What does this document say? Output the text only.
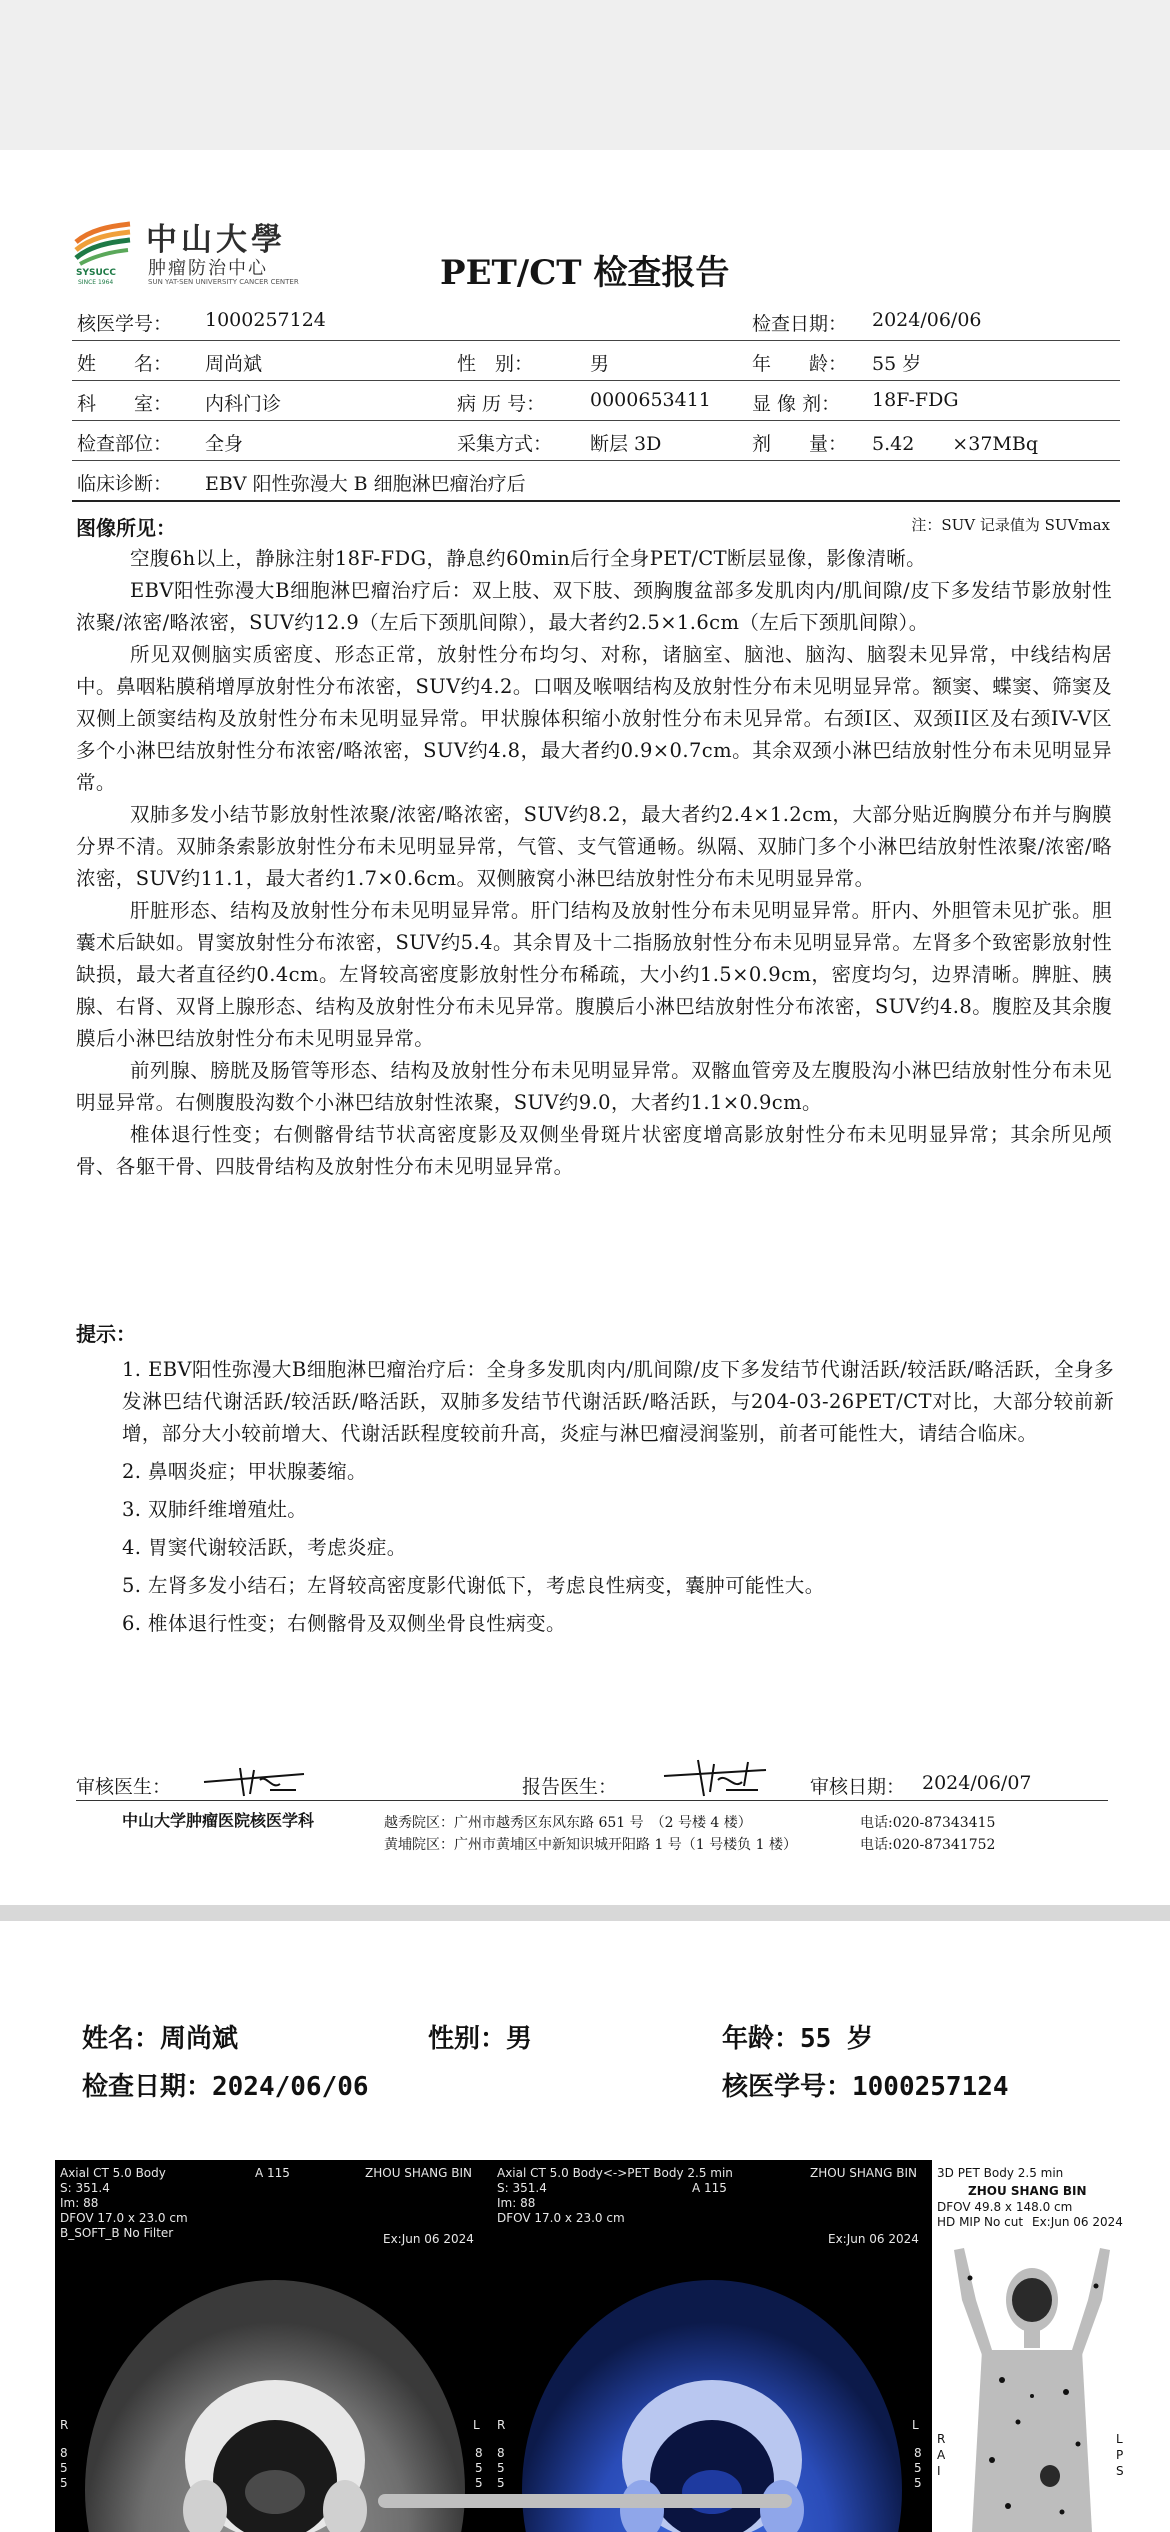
SYSUCC
SINCE 1964
中山大學
肿瘤防治中心
SUN YAT-SEN UNIVERSITY CANCER CENTER	PET/CT 检查报告
核医学号： 1000257124	检查日期： 2024/06/06
姓　　名： 周尚斌	性　别：	男	年　　龄： 55 岁
科　　室： 内科门诊	病 历 号： 0000653411 显 像 剂： 18F-FDG
检查部位： 全身	采集方式： 断层 3D	剂　　量： 5.42　　×37MBq
临床诊断： EBV 阳性弥漫大 B 细胞淋巴瘤治疗后
图像所见：	注：SUV 记录值为 SUVmax

空腹6h以上，静脉注射18F-FDG，静息约60min后行全身PET/CT断层显像，影像清晰。

EBV阳性弥漫大B细胞淋巴瘤治疗后：双上肢、双下肢、颈胸腹盆部多发肌肉内/肌间隙/皮下多发结节影放射性浓聚/浓密/略浓密，SUV约12.9（左后下颈肌间隙），最大者约2.5×1.6cm（左后下颈肌间隙）。

所见双侧脑实质密度、形态正常，放射性分布均匀、对称，诸脑室、脑池、脑沟、脑裂未见异常，中线结构居中。鼻咽粘膜稍增厚放射性分布浓密，SUV约4.2。口咽及喉咽结构及放射性分布未见明显异常。额窦、蝶窦、筛窦及双侧上颌窦结构及放射性分布未见明显异常。甲状腺体积缩小放射性分布未见异常。右颈I区、双颈II区及右颈IV-V区多个小淋巴结放射性分布浓密/略浓密，SUV约4.8，最大者约0.9×0.7cm。其余双颈小淋巴结放射性分布未见明显异常。

双肺多发小结节影放射性浓聚/浓密/略浓密，SUV约8.2，最大者约2.4×1.2cm，大部分贴近胸膜分布并与胸膜分界不清。双肺条索影放射性分布未见明显异常，气管、支气管通畅。纵隔、双肺门多个小淋巴结放射性浓聚/浓密/略浓密，SUV约11.1，最大者约1.7×0.6cm。双侧腋窝小淋巴结放射性分布未见明显异常。

肝脏形态、结构及放射性分布未见明显异常。肝门结构及放射性分布未见明显异常。肝内、外胆管未见扩张。胆囊术后缺如。胃窦放射性分布浓密，SUV约5.4。其余胃及十二指肠放射性分布未见明显异常。左肾多个致密影放射性缺损，最大者直径约0.4cm。左肾较高密度影放射性分布稀疏，大小约1.5×0.9cm，密度均匀，边界清晰。脾脏、胰腺、右肾、双肾上腺形态、结构及放射性分布未见异常。腹膜后小淋巴结放射性分布浓密，SUV约4.8。腹腔及其余腹膜后小淋巴结放射性分布未见明显异常。

前列腺、膀胱及肠管等形态、结构及放射性分布未见明显异常。双髂血管旁及左腹股沟小淋巴结放射性分布未见明显异常。右侧腹股沟数个小淋巴结放射性浓聚，SUV约9.0，大者约1.1×0.9cm。

椎体退行性变；右侧髂骨结节状高密度影及双侧坐骨斑片状密度增高影放射性分布未见明显异常；其余所见颅骨、各躯干骨、四肢骨结构及放射性分布未见明显异常。

提示：

1. EBV阳性弥漫大B细胞淋巴瘤治疗后：全身多发肌肉内/肌间隙/皮下多发结节代谢活跃/较活跃/略活跃，全身多发淋巴结代谢活跃/较活跃/略活跃，双肺多发结节代谢活跃/略活跃，与204-03-26PET/CT对比，大部分较前新增，部分大小较前增大、代谢活跃程度较前升高，炎症与淋巴瘤浸润鉴别，前者可能性大，请结合临床。

2. 鼻咽炎症；甲状腺萎缩。

3. 双肺纤维增殖灶。

4. 胃窦代谢较活跃，考虑炎症。

5. 左肾多发小结石；左肾较高密度影代谢低下，考虑良性病变，囊肿可能性大。

6. 椎体退行性变；右侧髂骨及双侧坐骨良性病变。

审核医生：	报告医生：	审核日期： 2024/06/07
中山大学肿瘤医院核医学科	越秀院区：广州市越秀区东风东路 651 号　（2 号楼 4 楼）
黄埔院区：广州市黄埔区中新知识城开阳路 1 号（1 号楼负 1 楼）
电话:020-87343415
电话:020-87341752
姓名：周尚斌	性别：男	年龄：55 岁
检查日期：2024/06/06	核医学号：1000257124
Axial CT 5.0 Body
S: 351.4
Im: 88
DFOV 17.0 x 23.0 cm
B_SOFT_B No Filter
A 115	ZHOU SHANG BIN
Ex:Jun 06 2024
R	L
8
5
5
8
5
5
Axial CT 5.0 Body<->PET Body 2.5 min
S: 351.4
Im: 88
DFOV 17.0 x 23.0 cm
A 115
ZHOU SHANG BIN
Ex:Jun 06 2024
R	L
8
5
5
8
5
5
3D PET Body 2.5 min
ZHOU SHANG BIN
DFOV 49.8 x 148.0 cm
HD MIP No cut Ex:Jun 06 2024
R
A
I
L
P
S
